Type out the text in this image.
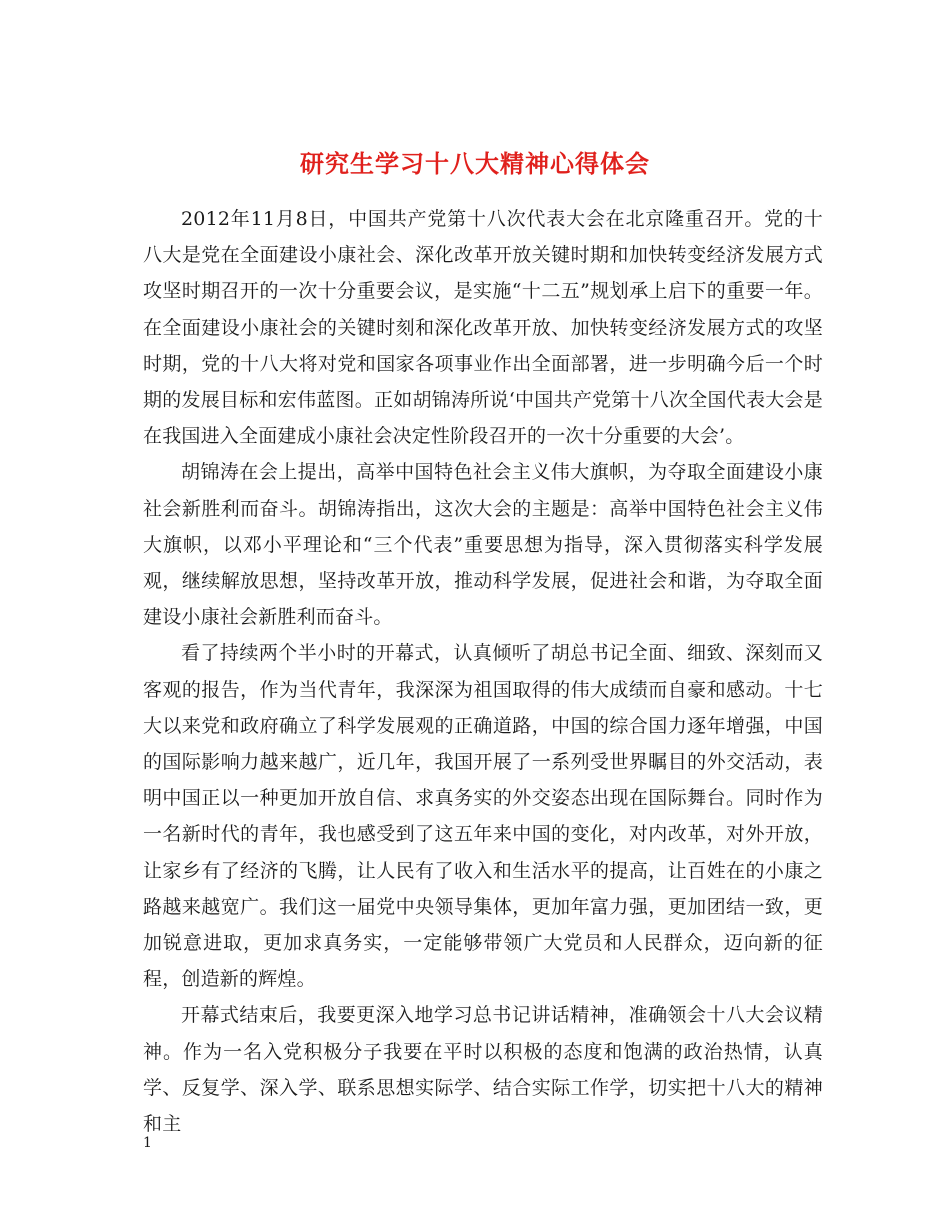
研究生学习十八大精神心得体会

2012年11月8日，中国共产党第十八次代表大会在北京隆重召开。党的十八大是党在全面建设小康社会、深化改革开放关键时期和加快转变经济发展方式攻坚时期召开的一次十分重要会议，是实施“十二五”规划承上启下的重要一年。在全面建设小康社会的关键时刻和深化改革开放、加快转变经济发展方式的攻坚时期，党的十八大将对党和国家各项事业作出全面部署，进一步明确今后一个时期的发展目标和宏伟蓝图。正如胡锦涛所说‘中国共产党第十八次全国代表大会是在我国进入全面建成小康社会决定性阶段召开的一次十分重要的大会’。

胡锦涛在会上提出，高举中国特色社会主义伟大旗帜，为夺取全面建设小康社会新胜利而奋斗。胡锦涛指出，这次大会的主题是：高举中国特色社会主义伟大旗帜，以邓小平理论和“三个代表”重要思想为指导，深入贯彻落实科学发展观，继续解放思想，坚持改革开放，推动科学发展，促进社会和谐，为夺取全面建设小康社会新胜利而奋斗。

看了持续两个半小时的开幕式，认真倾听了胡总书记全面、细致、深刻而又客观的报告，作为当代青年，我深深为祖国取得的伟大成绩而自豪和感动。十七大以来党和政府确立了科学发展观的正确道路，中国的综合国力逐年增强，中国的国际影响力越来越广，近几年，我国开展了一系列受世界瞩目的外交活动，表明中国正以一种更加开放自信、求真务实的外交姿态出现在国际舞台。同时作为一名新时代的青年，我也感受到了这五年来中国的变化，对内改革，对外开放，让家乡有了经济的飞腾，让人民有了收入和生活水平的提高，让百姓在的小康之路越来越宽广。我们这一届党中央领导集体，更加年富力强，更加团结一致，更加锐意进取，更加求真务实，一定能够带领广大党员和人民群众，迈向新的征程，创造新的辉煌。

开幕式结束后，我要更深入地学习总书记讲话精神，准确领会十八大会议精神。作为一名入党积极分子我要在平时以积极的态度和饱满的政治热情，认真学、反复学、深入学、联系思想实际学、结合实际工作学，切实把十八大的精神和主

1
